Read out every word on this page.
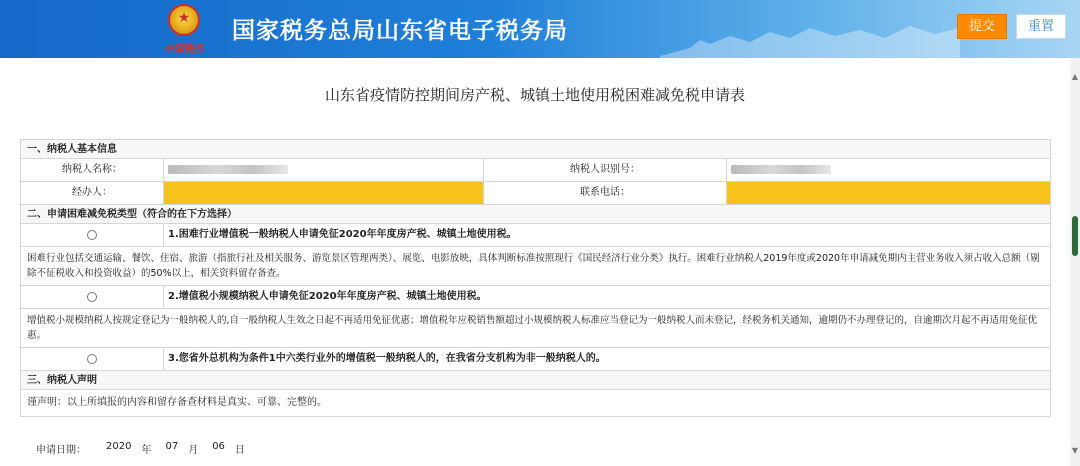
★
中国税务
国家税务总局山东省电子税务局	提交	重置
▲
▼
山东省疫情防控期间房产税、城镇土地使用税困难减免税申请表
一、纳税人基本信息
纳税人名称：	纳税人识别号：
经办人：	联系电话：
二、申请困难减免税类型（符合的在下方选择）
1.困难行业增值税一般纳税人申请免征2020年年度房产税、城镇土地使用税。
困难行业包括交通运输、餐饮、住宿、旅游（指旅行社及相关服务、游览景区管理两类）、展览、电影放映，具体判断标准按照现行《国民经济行业分类》执行。困难行业纳税人2019年度或2020年申请减免期内主营业务收入须占收入总额（剔除不征税收入和投资收益）的50%以上，相关资料留存备查。
2.增值税小规模纳税人申请免征2020年年度房产税、城镇土地使用税。
增值税小规模纳税人按规定登记为一般纳税人的,自一般纳税人生效之日起不再适用免征优惠；增值税年应税销售额超过小规模纳税人标准应当登记为一般纳税人而未登记，经税务机关通知，逾期仍不办理登记的，自逾期次月起不再适用免征优惠。
3.您省外总机构为条件1中六类行业外的增值税一般纳税人的，在我省分支机构为非一般纳税人的。
三、纳税人声明
谨声明：以上所填报的内容和留存备查材料是真实、可靠、完整的。
申请日期： 2020 年 07 月 06 日
